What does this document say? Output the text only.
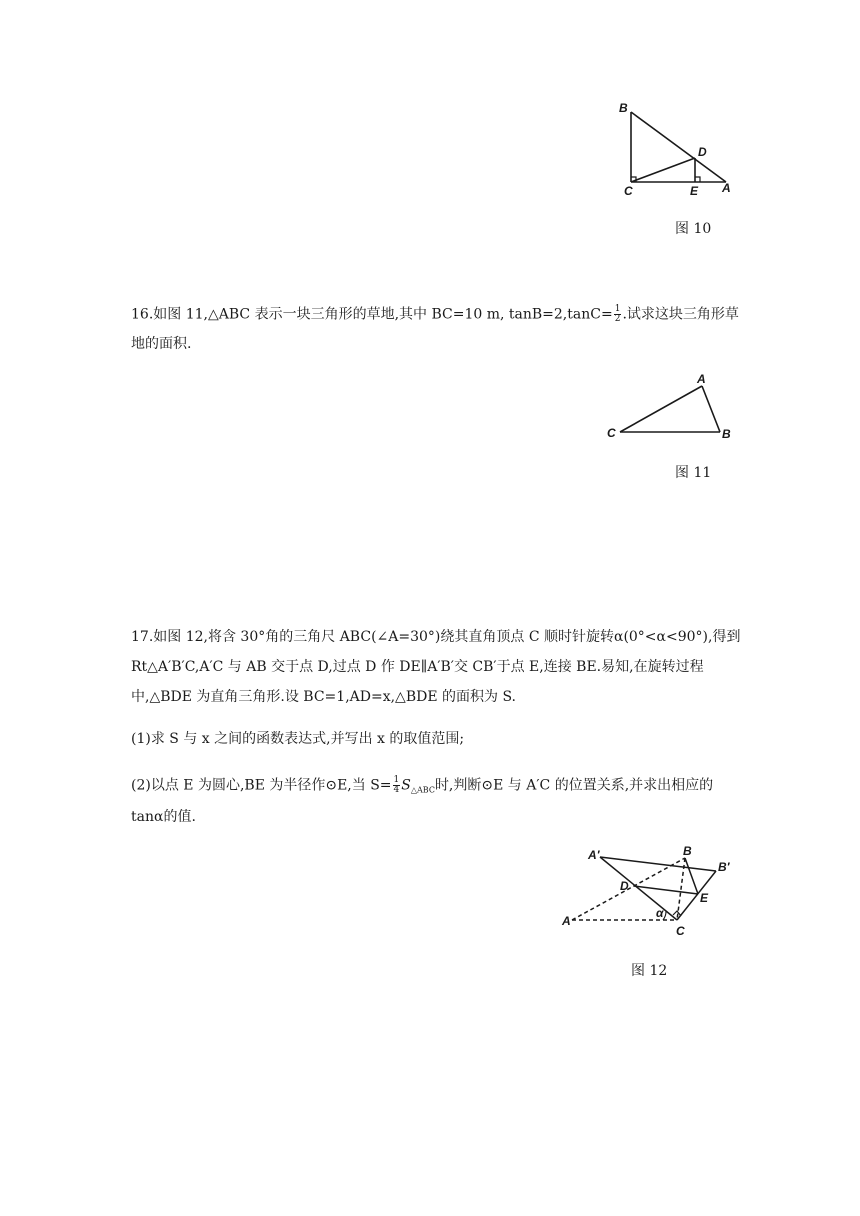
B
D
C	E A
图 10
16.如图 11,△ABC 表示一块三角形的草地,其中 BC=10 m, $\tan B=2,\tan C= \frac{1}{2}$ .试求这块三角形草
地的面积.
A
C	B
图 11
17.如图 12,将含 30°角的三角尺 ABC(∠A=30°)绕其直角顶点 C 顺时针旋转α(0°<α<90°),得到
Rt△A′B′C,A′C 与 AB 交于点 D,过点 D 作 DE∥A′B′交 CB′于点 E,连接 BE.易知,在旋转过程
中,△BDE 为直角三角形.设 BC=1,AD=x,△BDE 的面积为 S.
(1)求 S 与 x 之间的函数表达式,并写出 x 的取值范围;
(2)以点 E 为圆心,BE 为半径作⊙E,当 $S= \frac{1}{4} S_{\triangle ABC}$时,判断⊙E 与 A′C 的位置关系,并求出相应的
tanα的值.
A′	B
B′
D
E
A
α
C
图 12
